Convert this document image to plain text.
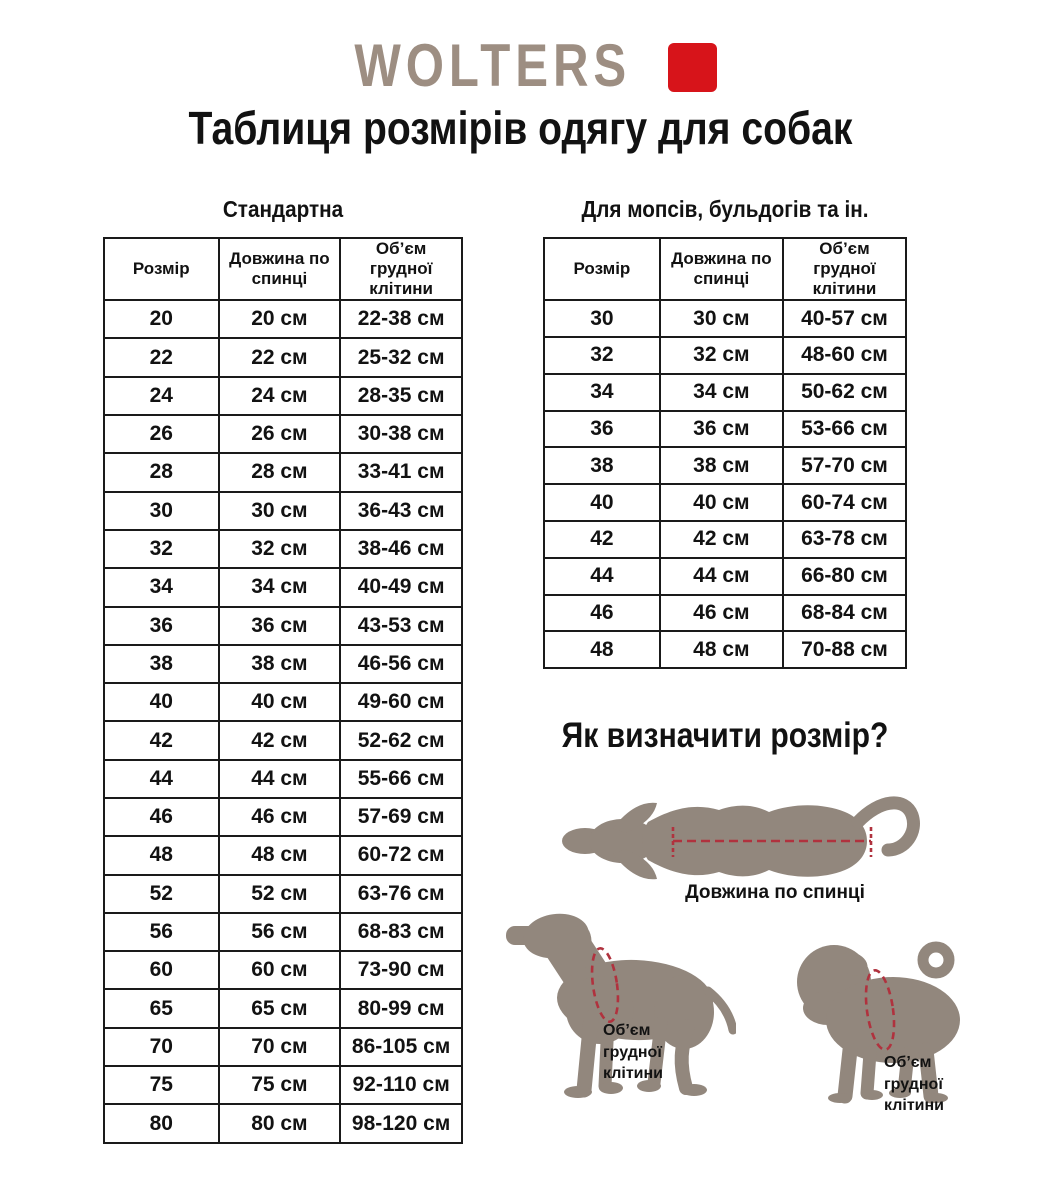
WOLTERS
Таблиця розмірів одягу для собак
Стандартна	Для мопсів, бульдогів та ін.
Розмір	Довжина по спинці	Об’єм грудної клітини
20	20 см	22-38 см
22	22 см	25-32 см
24	24 см	28-35 см
26	26 см	30-38 см
28	28 см	33-41 см
30	30 см	36-43 см
32	32 см	38-46 см
34	34 см	40-49 см
36	36 см	43-53 см
38	38 см	46-56 см
40	40 см	49-60 см
42	42 см	52-62 см
44	44 см	55-66 см
46	46 см	57-69 см
48	48 см	60-72 см
52	52 см	63-76 см
56	56 см	68-83 см
60	60 см	73-90 см
65	65 см	80-99 см
70	70 см	86-105 см
75	75 см	92-110 см
80	80 см	98-120 см
Розмір	Довжина по спинці	Об’єм грудної клітини
30	30 см	40-57 см
32	32 см	48-60 см
34	34 см	50-62 см
36	36 см	53-66 см
38	38 см	57-70 см
40	40 см	60-74 см
42	42 см	63-78 см
44	44 см	66-80 см
46	46 см	68-84 см
48	48 см	70-88 см
Як визначити розмір?
Довжина по спинці
Об’єм грудної клітини
Об’єм грудної клітини
